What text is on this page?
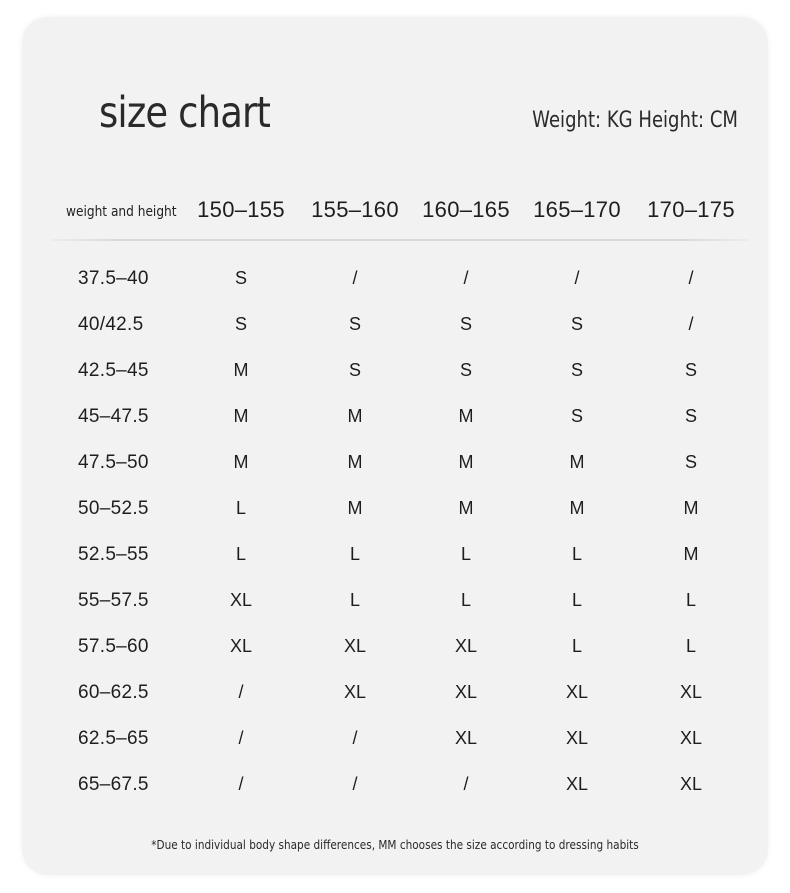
size chart	Weight: KG Height: CM
weight and height 150–155	155–160	160–165	165–170	170–175
37.5–40	S	/	/	/	/
40/42.5	S	S	S	S	/
42.5–45	M	S	S	S	S
45–47.5	M	M	M	S	S
47.5–50	M	M	M	M	S
50–52.5	L	M	M	M	M
52.5–55	L	L	L	L	M
55–57.5	XL	L	L	L	L
57.5–60	XL	XL	XL	L	L
60–62.5	/	XL	XL	XL	XL
62.5–65	/	/	XL	XL	XL
65–67.5	/	/	/	XL	XL
*Due to individual body shape differences, MM chooses the size according to dressing habits
